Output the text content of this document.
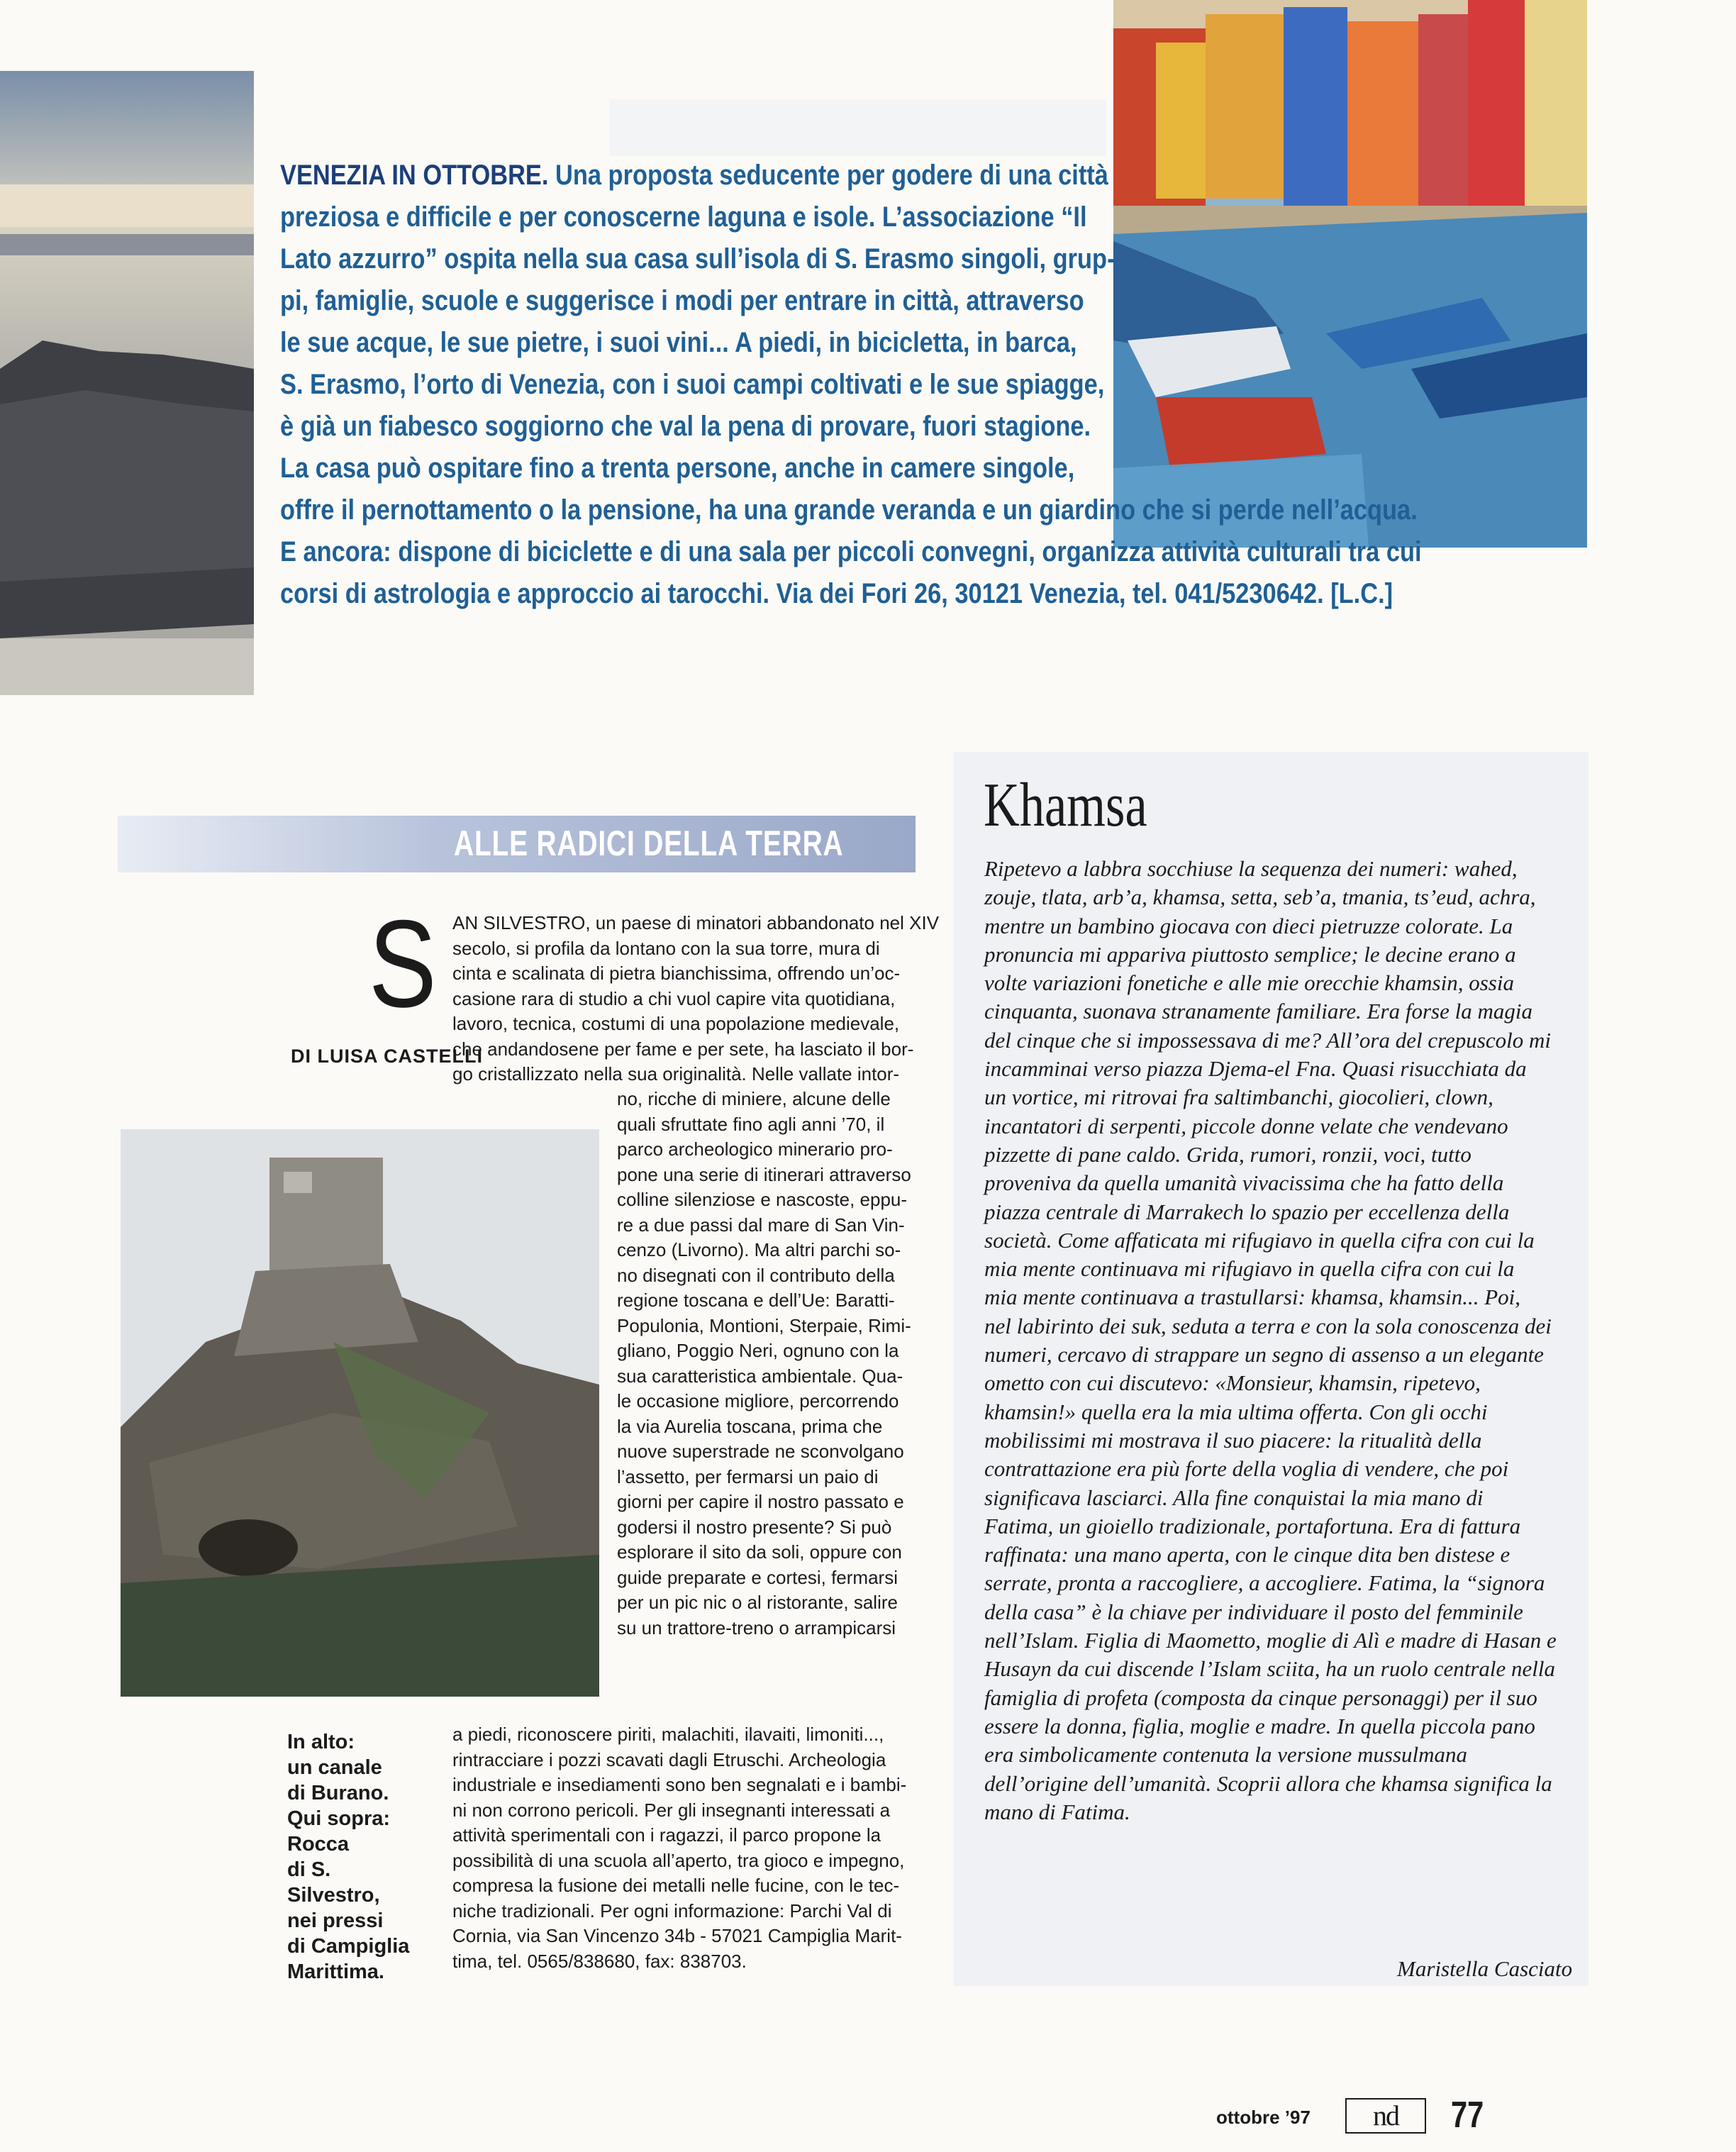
VENEZIA IN OTTOBRE. Una proposta seducente per godere di una città
preziosa e difficile e per conoscerne laguna e isole. L’associazione “Il
Lato azzurro” ospita nella sua casa sull’isola di S. Erasmo singoli, grup-
pi, famiglie, scuole e suggerisce i modi per entrare in città, attraverso
le sue acque, le sue pietre, i suoi vini... A piedi, in bicicletta, in barca,
S. Erasmo, l’orto di Venezia, con i suoi campi coltivati e le sue spiagge,
è già un fiabesco soggiorno che val la pena di provare, fuori stagione.
La casa può ospitare fino a trenta persone, anche in camere singole,
offre il pernottamento o la pensione, ha una grande veranda e un giardino che si perde nell’acqua.
E ancora: dispone di biciclette e di una sala per piccoli convegni, organizza attività culturali tra cui
corsi di astrologia e approccio ai tarocchi. Via dei Fori 26, 30121 Venezia, tel. 041/5230642. [L.C.]
ALLE RADICI DELLA TERRA
S
DI LUISA CASTELLI
AN SILVESTRO, un paese di minatori abbandonato nel XIV
secolo, si profila da lontano con la sua torre, mura di
cinta e scalinata di pietra bianchissima, offrendo un’oc-
casione rara di studio a chi vuol capire vita quotidiana,
lavoro, tecnica, costumi di una popolazione medievale,
che andandosene per fame e per sete, ha lasciato il bor-
go cristallizzato nella sua originalità. Nelle vallate intor-
no, ricche di miniere, alcune delle
quali sfruttate fino agli anni ’70, il
parco archeologico minerario pro-
pone una serie di itinerari attraverso
colline silenziose e nascoste, eppu-
re a due passi dal mare di San Vin-
cenzo (Livorno). Ma altri parchi so-
no disegnati con il contributo della
regione toscana e dell’Ue: Baratti-
Populonia, Montioni, Sterpaie, Rimi-
gliano, Poggio Neri, ognuno con la
sua caratteristica ambientale. Qua-
le occasione migliore, percorrendo
la via Aurelia toscana, prima che
nuove superstrade ne sconvolgano
l’assetto, per fermarsi un paio di
giorni per capire il nostro passato e
godersi il nostro presente? Si può
esplorare il sito da soli, oppure con
guide preparate e cortesi, fermarsi
per un pic nic o al ristorante, salire
su un trattore-treno o arrampicarsi
In alto:
un canale
di Burano.
Qui sopra:
Rocca
di S.
Silvestro,
nei pressi
di Campiglia
Marittima.
a piedi, riconoscere piriti, malachiti, ilavaiti, limoniti...,
rintracciare i pozzi scavati dagli Etruschi. Archeologia
industriale e insediamenti sono ben segnalati e i bambi-
ni non corrono pericoli. Per gli insegnanti interessati a
attività sperimentali con i ragazzi, il parco propone la
possibilità di una scuola all’aperto, tra gioco e impegno,
compresa la fusione dei metalli nelle fucine, con le tec-
niche tradizionali. Per ogni informazione: Parchi Val di
Cornia, via San Vincenzo 34b - 57021 Campiglia Marit-
tima, tel. 0565/838680, fax: 838703.
Khamsa
Ripetevo a labbra socchiuse la sequenza dei numeri: wahed,
zouje, tlata, arb’a, khamsa, setta, seb’a, tmania, ts’eud, achra,
mentre un bambino giocava con dieci pietruzze colorate. La
pronuncia mi appariva piuttosto semplice; le decine erano a
volte variazioni fonetiche e alle mie orecchie khamsin, ossia
cinquanta, suonava stranamente familiare. Era forse la magia
del cinque che si impossessava di me? All’ora del crepuscolo mi
incamminai verso piazza Djema-el Fna. Quasi risucchiata da
un vortice, mi ritrovai fra saltimbanchi, giocolieri, clown,
incantatori di serpenti, piccole donne velate che vendevano
pizzette di pane caldo. Grida, rumori, ronzii, voci, tutto
proveniva da quella umanità vivacissima che ha fatto della
piazza centrale di Marrakech lo spazio per eccellenza della
società. Come affaticata mi rifugiavo in quella cifra con cui la
mia mente continuava mi rifugiavo in quella cifra con cui la
mia mente continuava a trastullarsi: khamsa, khamsin... Poi,
nel labirinto dei suk, seduta a terra e con la sola conoscenza dei
numeri, cercavo di strappare un segno di assenso a un elegante
ometto con cui discutevo: «Monsieur, khamsin, ripetevo,
khamsin!» quella era la mia ultima offerta. Con gli occhi
mobilissimi mi mostrava il suo piacere: la ritualità della
contrattazione era più forte della voglia di vendere, che poi
significava lasciarci. Alla fine conquistai la mia mano di
Fatima, un gioiello tradizionale, portafortuna. Era di fattura
raffinata: una mano aperta, con le cinque dita ben distese e
serrate, pronta a raccogliere, a accogliere. Fatima, la “signora
della casa” è la chiave per individuare il posto del femminile
nell’Islam. Figlia di Maometto, moglie di Alì e madre di Hasan e
Husayn da cui discende l’Islam sciita, ha un ruolo centrale nella
famiglia di profeta (composta da cinque personaggi) per il suo
essere la donna, figlia, moglie e madre. In quella piccola pano
era simbolicamente contenuta la versione mussulmana
dell’origine dell’umanità. Scoprii allora che khamsa significa la
mano di Fatima.
Maristella Casciato
ottobre ’97	nd	77
